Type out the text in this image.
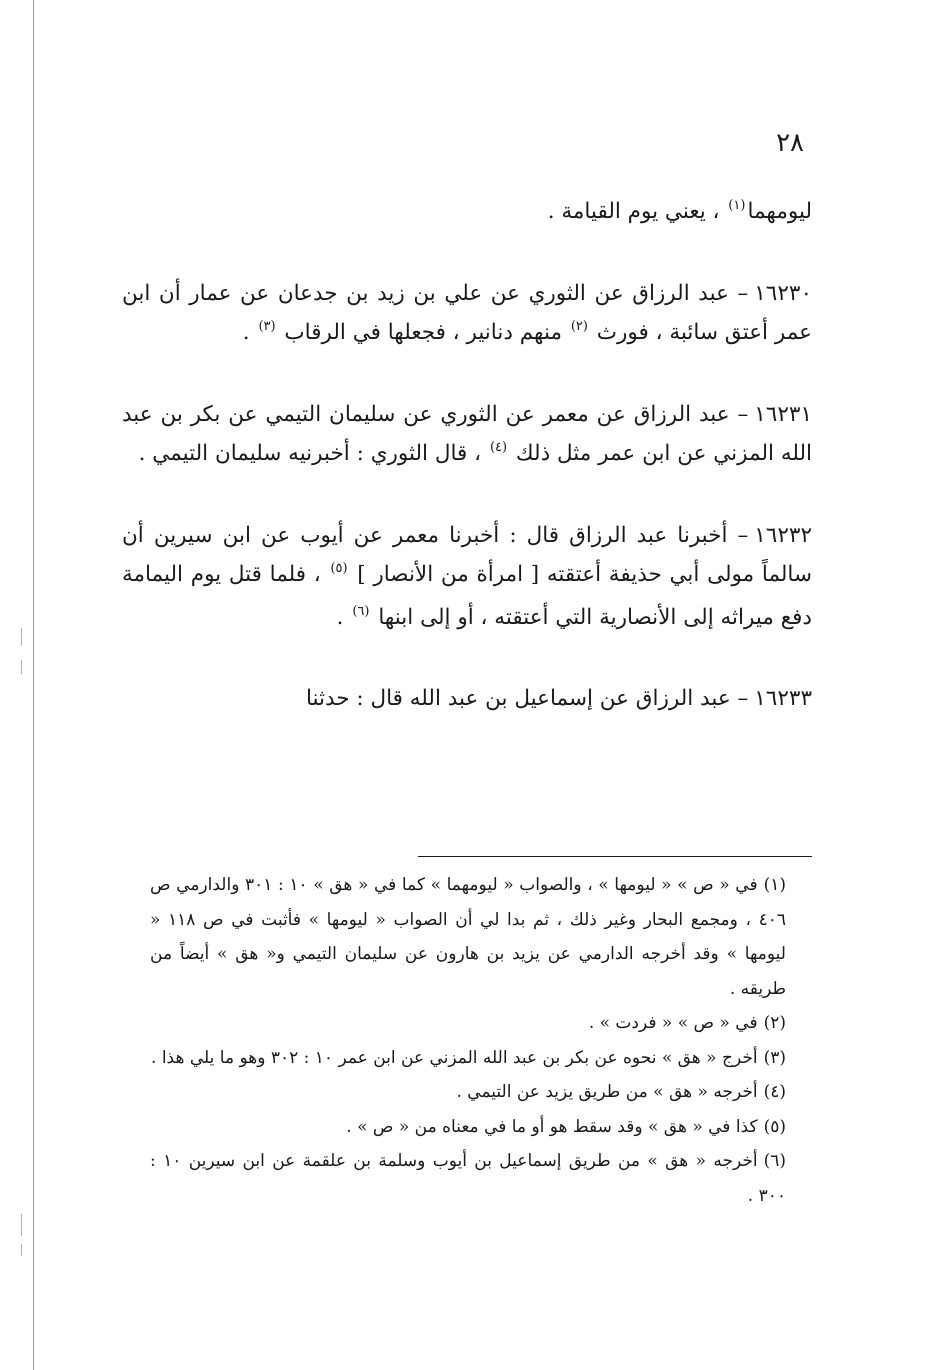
٢٨

ليومهما$^{(١)}$ ، يعني يوم القيامة .

١٦٢٣٠– عبد الرزاق عن الثوري عن علي بن زيد بن جدعان عن عمار أن ابن عمر أعتق سائبة ، فورث $^{(٢)}$ منهم دنانير ، فجعلها في الرقاب $^{(٣)}$ .

١٦٢٣١– عبد الرزاق عن معمر عن الثوري عن سليمان التيمي عن بكر بن عبد الله المزني عن ابن عمر مثل ذلك $^{(٤)}$ ، قال الثوري : أخبرنيه سليمان التيمي .

١٦٢٣٢– أخبرنا عبد الرزاق قال : أخبرنا معمر عن أيوب عن ابن سيرين أن سالماً مولى أبي حذيفة أعتقته [ امرأة من الأنصار ] $^{(٥)}$ ، فلما قتل يوم اليمامة دفع ميراثه إلى الأنصارية التي أعتقته ، أو إلى ابنها $^{(٦)}$ .

١٦٢٣٣– عبد الرزاق عن إسماعيل بن عبد الله قال : حدثنا

(١)في « ص » « ليومها » ، والصواب « ليومهما » كما في « هق » ١٠ : ٣٠١ والدارمي ص ٤٠٦ ، ومجمع البحار وغير ذلك ، ثم بدا لي أن الصواب « ليومها » فأثبت في ص ١١٨ « ليومها » وقد أخرجه الدارمي عن يزيد بن هارون عن سليمان التيمي و« هق » أيضاً من طريقه .

(٢)في « ص » « فردت » .

(٣)أخرج « هق » نحوه عن بكر بن عبد الله المزني عن ابن عمر ١٠ : ٣٠٢ وهو ما يلي هذا .

(٤)أخرجه « هق » من طريق يزيد عن التيمي .

(٥)كذا في « هق » وقد سقط هو أو ما في معناه من « ص » .

(٦)أخرجه « هق » من طريق إسماعيل بن أيوب وسلمة بن علقمة عن ابن سيرين ١٠ : ٣٠٠ .
